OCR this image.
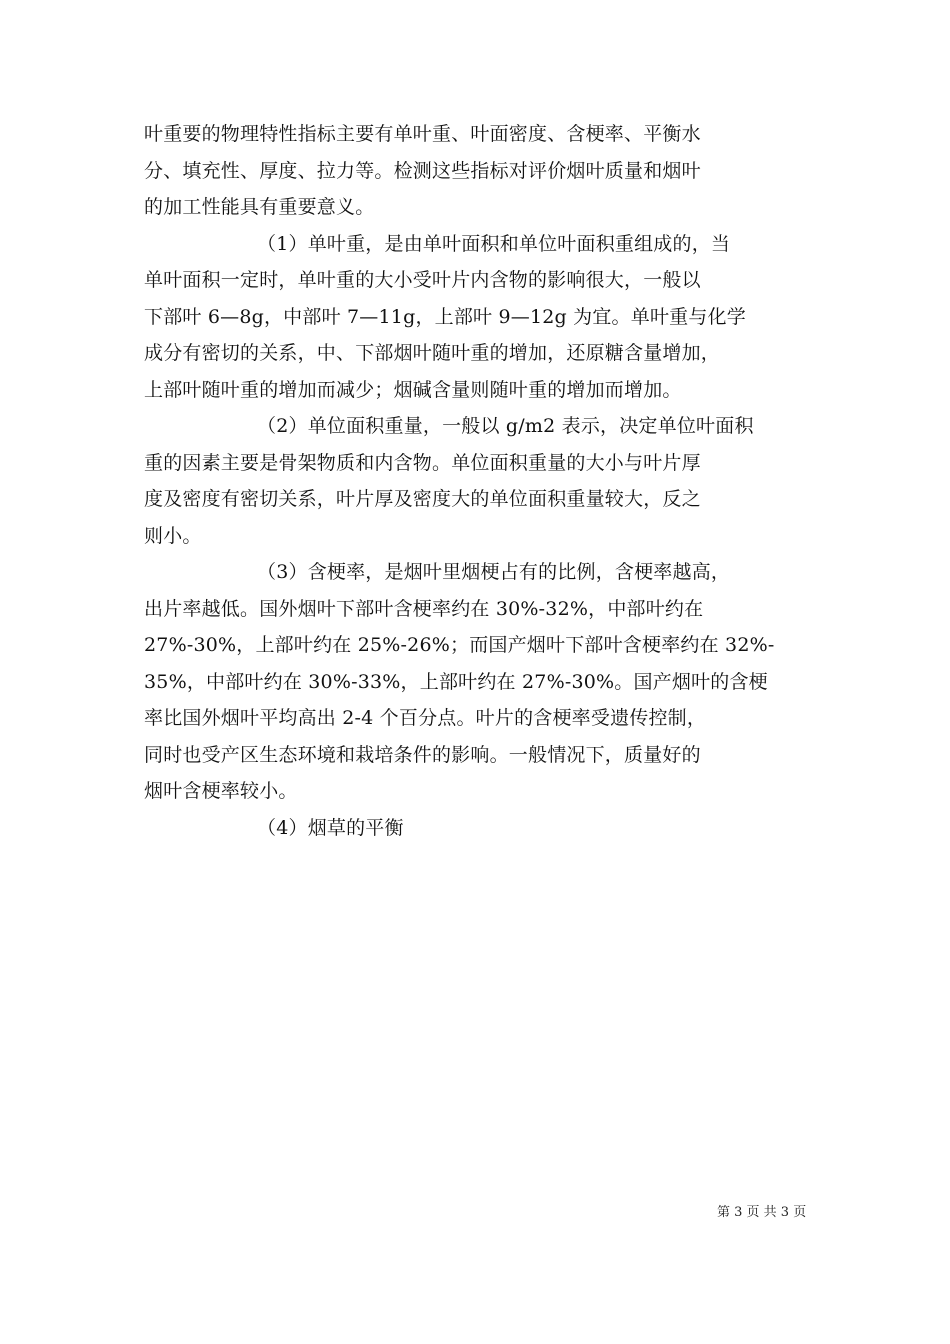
叶重要的物理特性指标主要有单叶重、叶面密度、含梗率、平衡水
分、填充性、厚度、拉力等。检测这些指标对评价烟叶质量和烟叶
的加工性能具有重要意义。
（1）单叶重，是由单叶面积和单位叶面积重组成的，当
单叶面积一定时，单叶重的大小受叶片内含物的影响很大，一般以
下部叶 6—8g，中部叶 7—11g，上部叶 9—12g 为宜。单叶重与化学
成分有密切的关系，中、下部烟叶随叶重的增加，还原糖含量增加，
上部叶随叶重的增加而减少；烟碱含量则随叶重的增加而增加。
（2）单位面积重量，一般以 g/m2 表示，决定单位叶面积
重的因素主要是骨架物质和内含物。单位面积重量的大小与叶片厚
度及密度有密切关系，叶片厚及密度大的单位面积重量较大，反之
则小。
（3）含梗率，是烟叶里烟梗占有的比例，含梗率越高，
出片率越低。国外烟叶下部叶含梗率约在 30%-32%，中部叶约在
27%-30%，上部叶约在 25%-26%；而国产烟叶下部叶含梗率约在 32%-
35%，中部叶约在 30%-33%，上部叶约在 27%-30%。国产烟叶的含梗
率比国外烟叶平均高出 2-4 个百分点。叶片的含梗率受遗传控制，
同时也受产区生态环境和栽培条件的影响。一般情况下，质量好的
烟叶含梗率较小。
（4）烟草的平衡
第 3 页 共 3 页
